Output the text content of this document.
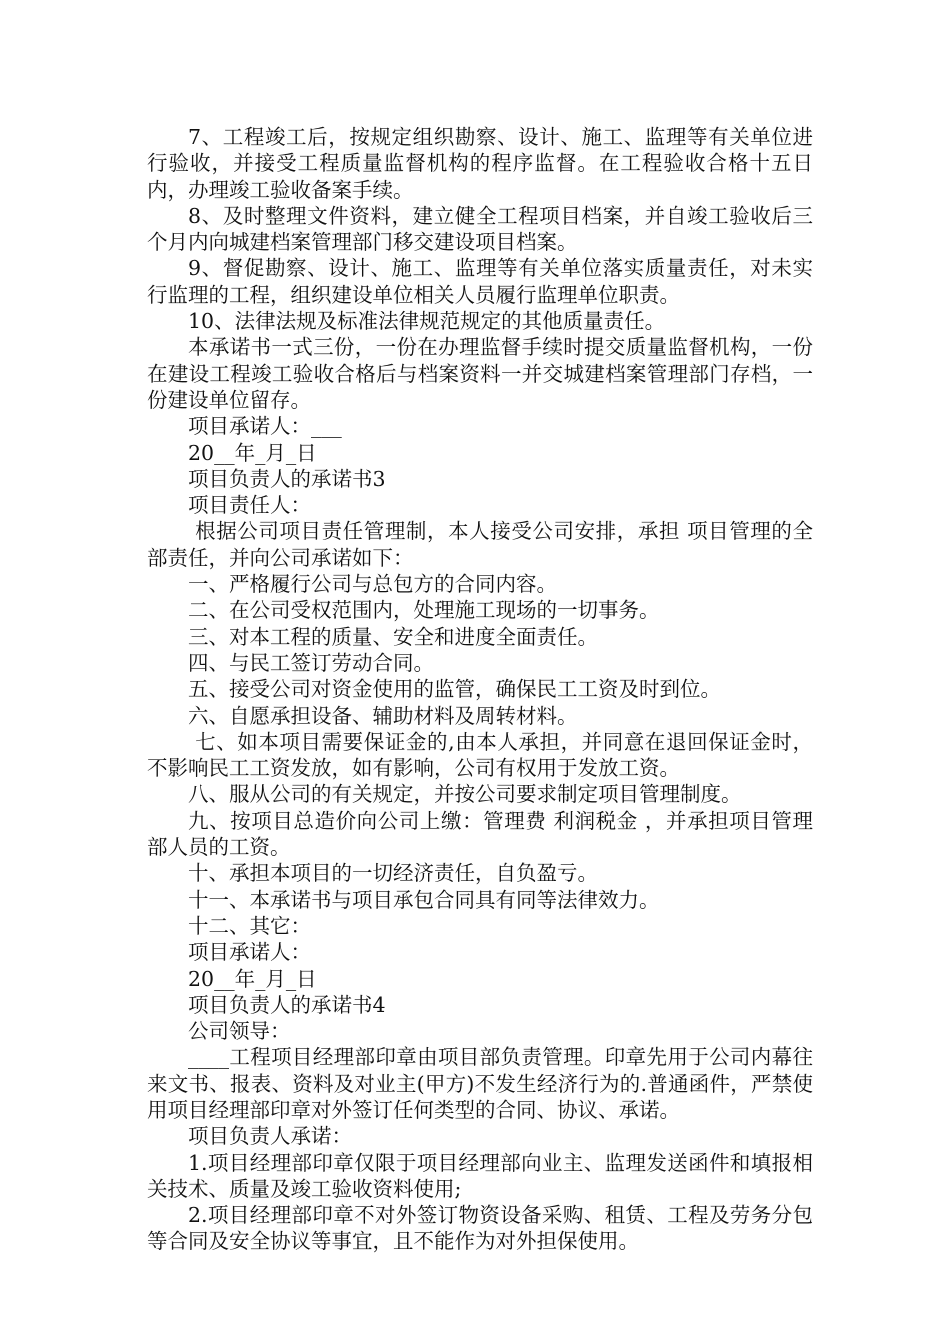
7、工程竣工后，按规定组织勘察、设计、施工、监理等有关单位进行验收，并接受工程质量监督机构的程序监督。在工程验收合格十五日内，办理竣工验收备案手续。

8、及时整理文件资料，建立健全工程项目档案，并自竣工验收后三个月内向城建档案管理部门移交建设项目档案。

9、督促勘察、设计、施工、监理等有关单位落实质量责任，对未实行监理的工程，组织建设单位相关人员履行监理单位职责。

10、法律法规及标准法律规范规定的其他质量责任。

本承诺书一式三份，一份在办理监督手续时提交质量监督机构，一份在建设工程竣工验收合格后与档案资料一并交城建档案管理部门存档，一份建设单位留存。

项目承诺人：___

20__年_月_日

项目负责人的承诺书3

项目责任人：

根据公司项目责任管理制，本人接受公司安排，承担 项目管理的全部责任，并向公司承诺如下：

一、严格履行公司与总包方的合同内容。

二、在公司受权范围内，处理施工现场的一切事务。

三、对本工程的质量、安全和进度全面责任。

四、与民工签订劳动合同。

五、接受公司对资金使用的监管，确保民工工资及时到位。

六、自愿承担设备、辅助材料及周转材料。

七、如本项目需要保证金的,由本人承担，并同意在退回保证金时，不影响民工工资发放，如有影响，公司有权用于发放工资。

八、服从公司的有关规定，并按公司要求制定项目管理制度。

九、按项目总造价向公司上缴：管理费 利润税金 ，并承担项目管理部人员的工资。

十、承担本项目的一切经济责任，自负盈亏。

十一、本承诺书与项目承包合同具有同等法律效力。

十二、其它：

项目承诺人：

20__年_月_日

项目负责人的承诺书4

公司领导：

____工程项目经理部印章由项目部负责管理。印章先用于公司内幕往来文书、报表、资料及对业主(甲方)不发生经济行为的.普通函件，严禁使用项目经理部印章对外签订任何类型的合同、协议、承诺。

项目负责人承诺：

1.项目经理部印章仅限于项目经理部向业主、监理发送函件和填报相关技术、质量及竣工验收资料使用;

2.项目经理部印章不对外签订物资设备采购、租赁、工程及劳务分包等合同及安全协议等事宜，且不能作为对外担保使用。
